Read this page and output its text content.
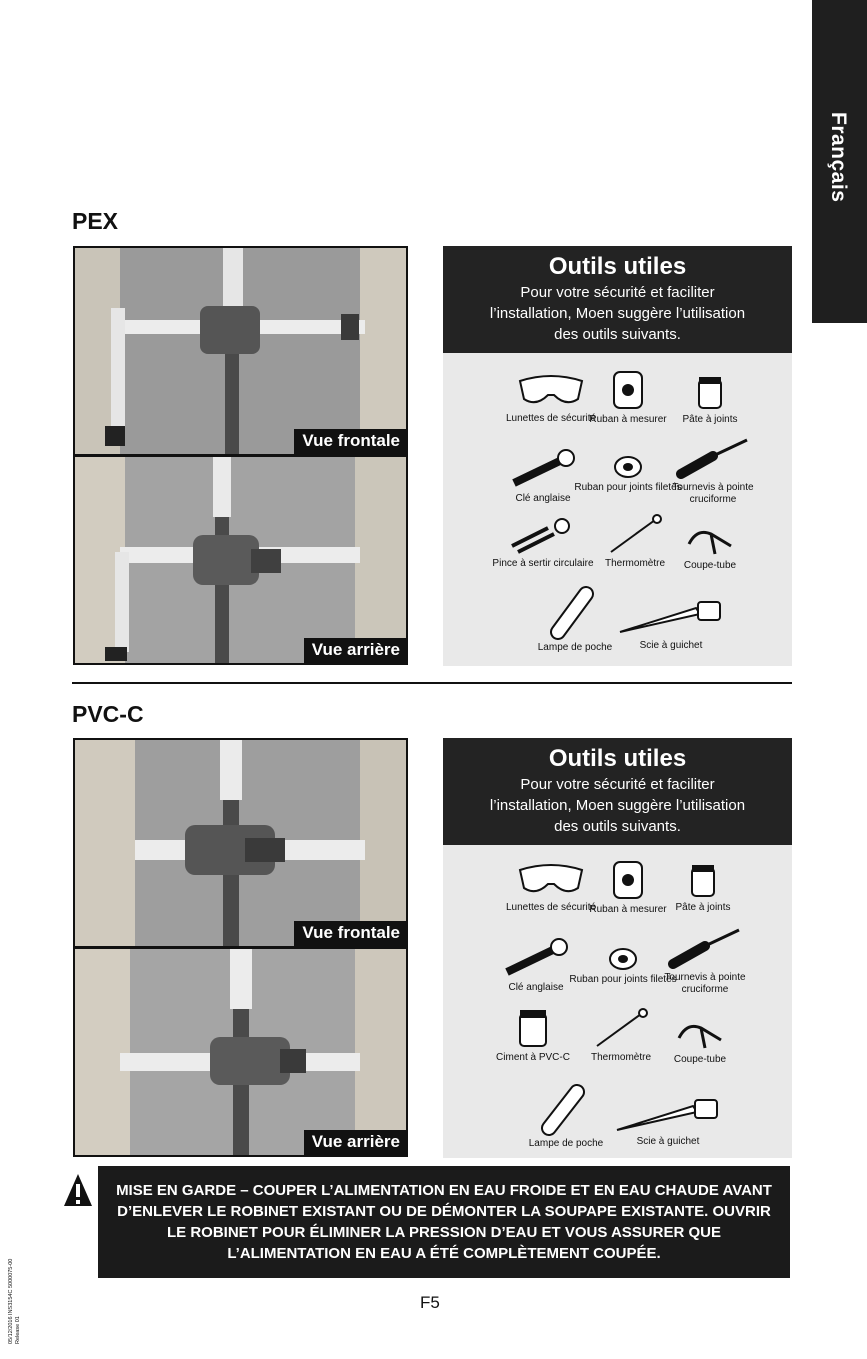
Français
PEX
Vue frontale
Vue arrière
Outils utiles

Pour votre sécurité et faciliter

l’installation, Moen suggère l’utilisation

des outils suivants.

Lunettes de sécurité
Ruban à mesurer	Pâte à joints
Clé anglaise
Ruban pour joints filetés
Tournevis à pointe cruciforme
Pince à sertir circulaire	Thermomètre	Coupe-tube
Lampe de poche	Scie à guichet
PVC-C
Vue frontale
Vue arrière
Outils utiles

Pour votre sécurité et faciliter

l’installation, Moen suggère l’utilisation

des outils suivants.

Lunettes de sécurité
Ruban à mesurer Pâte à joints
Clé anglaise
Ruban pour joints filetés
Tournevis à pointe cruciforme
Ciment à PVC-C	Thermomètre	Coupe-tube
Lampe de poche	Scie à guichet
MISE EN GARDE – COUPER L’ALIMENTATION EN EAU FROIDE ET EN EAU CHAUDE AVANT D’ENLEVER LE ROBINET EXISTANT OU DE DÉMONTER LA SOUPAPE EXISTANTE. OUVRIR LE ROBINET POUR ÉLIMINER LA PRESSION D’EAU ET VOUS ASSURER QUE L’ALIMENTATION EN EAU A ÉTÉ COMPLÈTEMENT COUPÉE.
F5
05/12/2016 INS3154C 5000075-00 Release 01
